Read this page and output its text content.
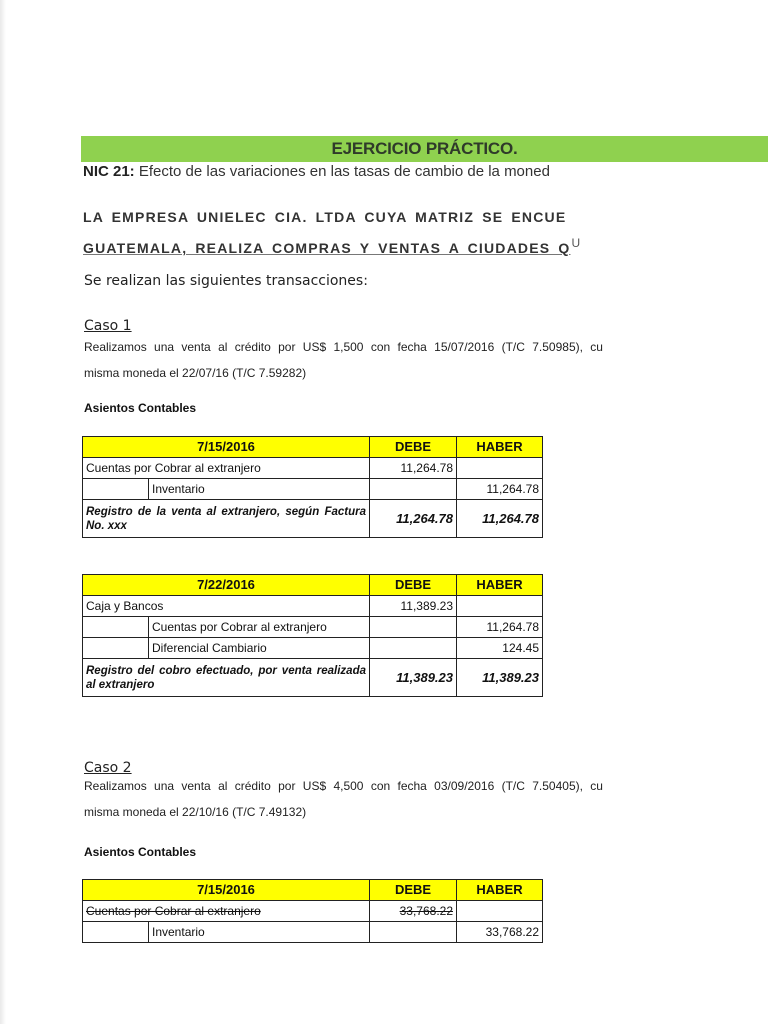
EJERCICIO PRÁCTICO.
NIC 21: Efecto de las variaciones en las tasas de cambio de la moned
LA EMPRESA UNIELEC CIA. LTDA CUYA MATRIZ SE ENCUE
GUATEMALA, REALIZA COMPRAS Y VENTAS A CIUDADES QU
Se realizan las siguientes transacciones:
Caso 1
Realizamos una venta al crédito por US$ 1,500 con fecha 15/07/2016 (T/C 7.50985), cu
misma moneda el 22/07/16 (T/C 7.59282)
Asientos Contables
7/15/2016		DEBE	HABER
Cuentas por Cobrar al extranjero		11,264.78	
	Inventario		11,264.78
Registro de la venta al extranjero, según Factura No. xxx		11,264.78	11,264.78
7/22/2016		DEBE	HABER
Caja y Bancos		11,389.23	
	Cuentas por Cobrar al extranjero		11,264.78
	Diferencial Cambiario		124.45
Registro del cobro efectuado, por venta realizada al extranjero		11,389.23	11,389.23
Caso 2
Realizamos una venta al crédito por US$ 4,500 con fecha 03/09/2016 (T/C 7.50405), cu
misma moneda el 22/10/16 (T/C 7.49132)
Asientos Contables
7/15/2016		DEBE	HABER
Cuentas por Cobrar al extranjero		33,768.22	
	Inventario		33,768.22
